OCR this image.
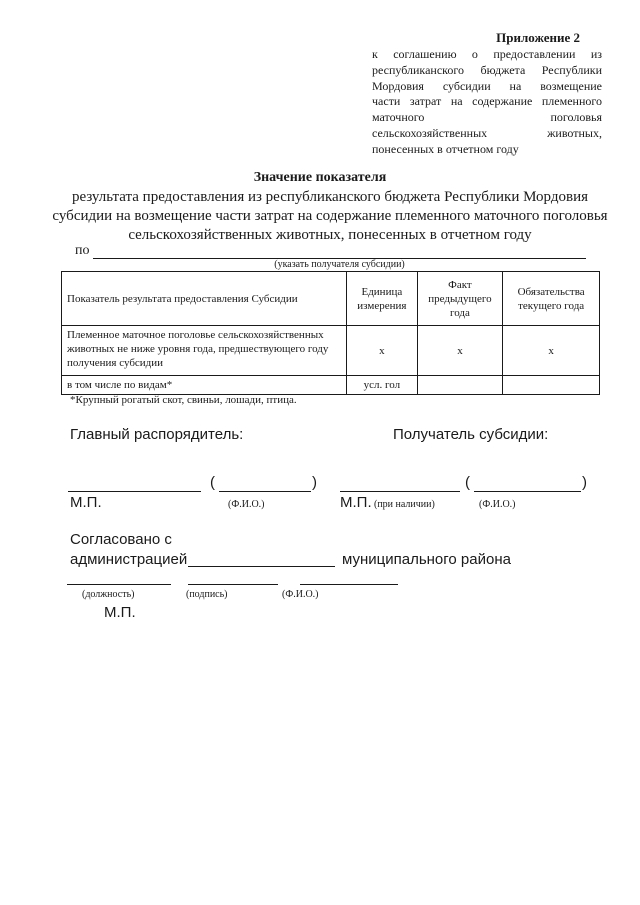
Приложение 2
к соглашению о предоставлении из
республиканского бюджета Республики
Мордовия субсидии на возмещение
части затрат на содержание племенного
маточного поголовья
сельскохозяйственных животных,
понесенных в отчетном году
Значение показателя
результата предоставления из республиканского бюджета Республики Мордовия субсидии на возмещение части затрат на содержание племенного маточного поголовья сельскохозяйственных животных, понесенных в отчетном году
по
(указать получателя субсидии)
Показатель результата предоставления Субсидии	Единица измерения	Факт предыдущего года	Обязательства текущего года
Племенное маточное поголовье сельскохозяйственных животных не ниже уровня года, предшествующего году получения субсидии	х	х	х
в том числе по видам*	усл. гол		
*Крупный рогатый скот, свиньи, лошади, птица.
Главный распорядитель:	Получатель субсидии:
(	)
М.П.	(Ф.И.О.)
(	)
М.П. (при наличии)	(Ф.И.О.)
Согласовано с
администрацией	муниципального района
(должность)	(подпись)	(Ф.И.О.)
М.П.
